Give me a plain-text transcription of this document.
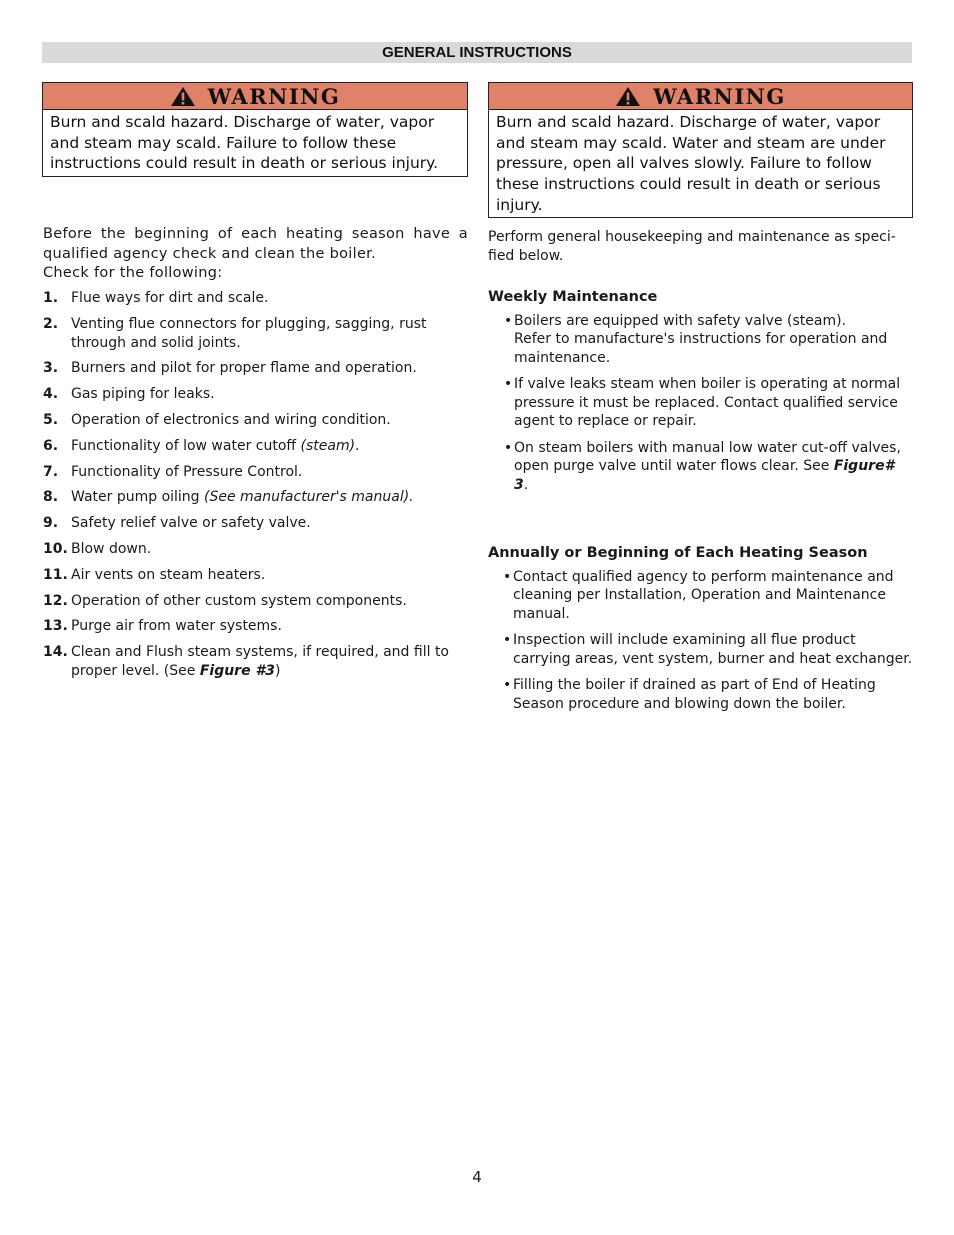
GENERAL INSTRUCTIONS
WARNING
Burn and scald hazard. Discharge of water, vapor and steam may scald. Failure to follow these instructions could result in death or serious injury.
WARNING
Burn and scald hazard. Discharge of water, vapor and steam may scald. Water and steam are under pressure, open all valves slowly. Failure to follow these instructions could result in death or serious injury.
Before the beginning of each heating season have a
qualified agency check and clean the boiler.
Check for the following:
1. Flue ways for dirt and scale.
2. Venting flue connectors for plugging, sagging, rust through and solid joints.
3. Burners and pilot for proper flame and operation.
4. Gas piping for leaks.
5. Operation of electronics and wiring condition.
6. Functionality of low water cutoff (steam).
7. Functionality of Pressure Control.
8. Water pump oiling (See manufacturer's manual).
9. Safety relief valve or safety valve.
10. Blow down.
11. Air vents on steam heaters.
12. Operation of other custom system components.
13. Purge air from water systems.
14. Clean and Flush steam systems, if required, and fill to proper level. (See Figure #3)
Perform general housekeeping and maintenance as speci-fied below.
Weekly Maintenance
• Boilers are equipped with safety valve (steam).
Refer to manufacture's instructions for operation and maintenance.
• If valve leaks steam when boiler is operating at normal pressure it must be replaced. Contact qualified service agent to replace or repair.
• On steam boilers with manual low water cut-off valves, open purge valve until water flows clear. See Figure# 3.
Annually or Beginning of Each Heating Season
• Contact qualified agency to perform maintenance and cleaning per Installation, Operation and Maintenance manual.
• Inspection will include examining all flue product carrying areas, vent system, burner and heat exchanger.
• Filling the boiler if drained as part of End of Heating Season procedure and blowing down the boiler.
4
